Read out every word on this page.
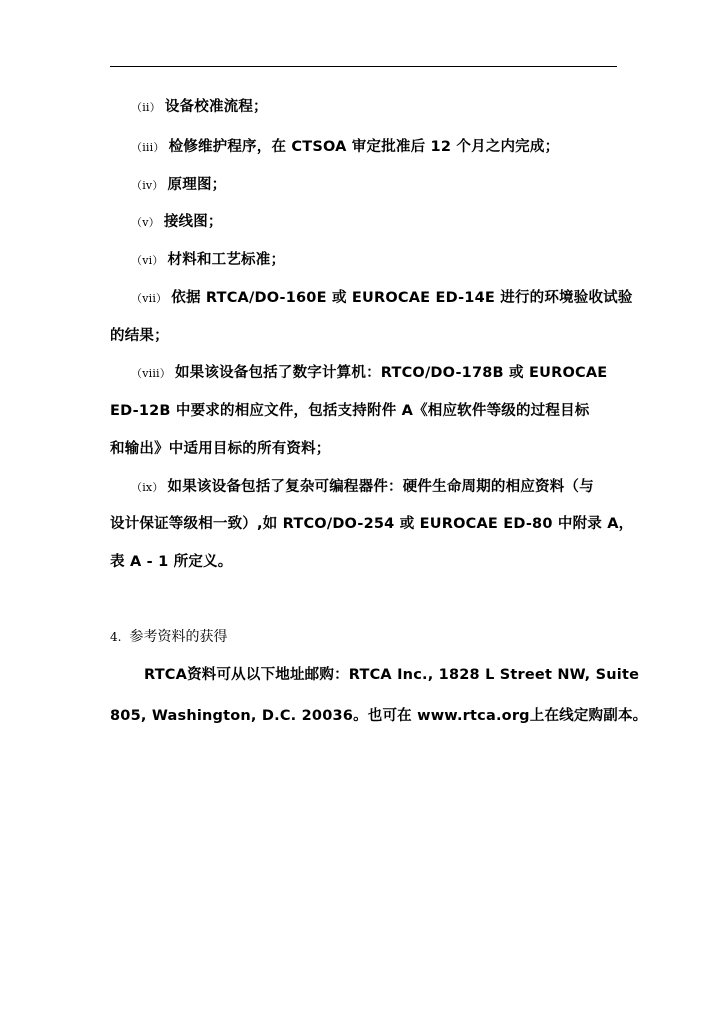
（ii） 设备校准流程；
（iii） 检修维护程序，在 CTSOA 审定批准后 12 个月之内完成；
（iv） 原理图；
（v） 接线图；
（vi） 材料和工艺标准；
（vii） 依据 RTCA/DO-160E 或 EUROCAE ED-14E 进行的环境验收试验
的结果；
（viii） 如果该设备包括了数字计算机：RTCO/DO-178B 或 EUROCAE
ED-12B 中要求的相应文件，包括支持附件 A《相应软件等级的过程目标
和输出》中适用目标的所有资料；
（ix） 如果该设备包括了复杂可编程器件：硬件生命周期的相应资料（与
设计保证等级相一致）,如 RTCO/DO-254 或 EUROCAE ED-80 中附录 A，
表 A - 1 所定义。
4. 参考资料的获得
RTCA资料可从以下地址邮购：RTCA Inc., 1828 L Street NW, Suite
805, Washington, D.C. 20036。也可在 www.rtca.org上在线定购副本。
